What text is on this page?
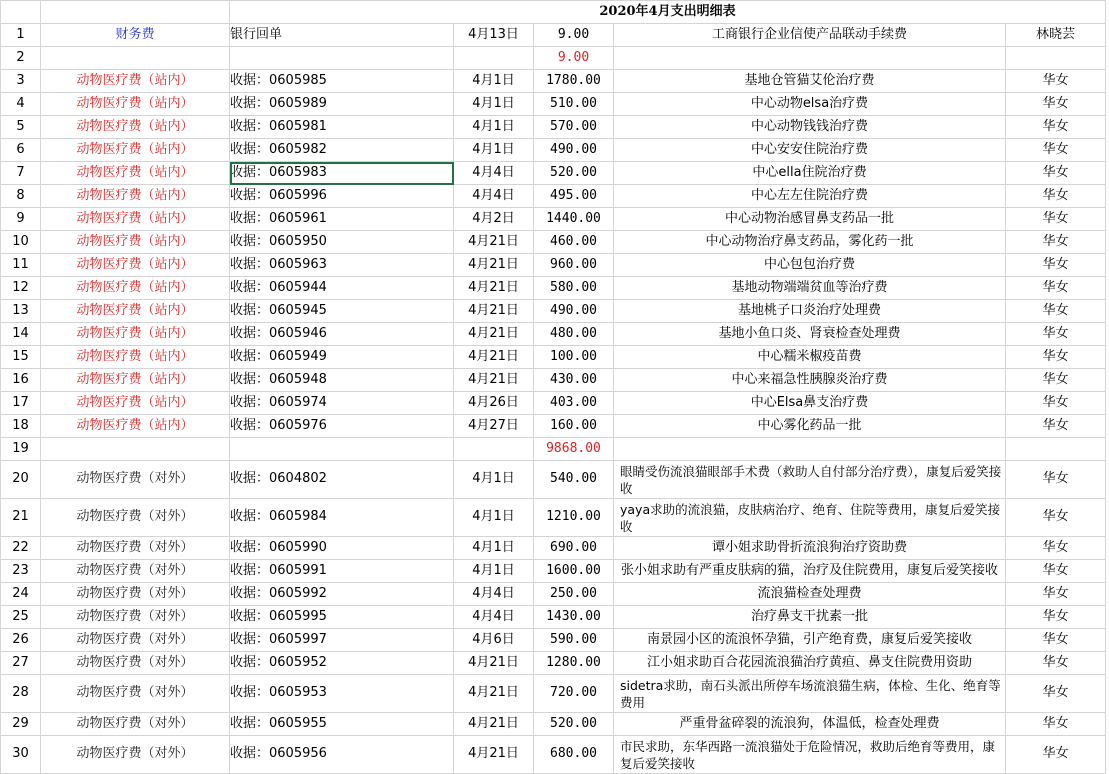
		2020年4月支出明细表				
1	财务费	银行回单	4月13日	9.00	工商银行企业信使产品联动手续费	林晓芸
2				9.00		
3	动物医疗费（站内）	收据：0605985	4月1日	1780.00	基地仓管猫艾伦治疗费	华女
4	动物医疗费（站内）	收据：0605989	4月1日	510.00	中心动物elsa治疗费	华女
5	动物医疗费（站内）	收据：0605981	4月1日	570.00	中心动物钱钱治疗费	华女
6	动物医疗费（站内）	收据：0605982	4月1日	490.00	中心安安住院治疗费	华女
7	动物医疗费（站内）	收据：0605983	4月4日	520.00	中心ella住院治疗费	华女
8	动物医疗费（站内）	收据：0605996	4月4日	495.00	中心左左住院治疗费	华女
9	动物医疗费（站内）	收据：0605961	4月2日	1440.00	中心动物治感冒鼻支药品一批	华女
10	动物医疗费（站内）	收据：0605950	4月21日	460.00	中心动物治疗鼻支药品，雾化药一批	华女
11	动物医疗费（站内）	收据：0605963	4月21日	960.00	中心包包治疗费	华女
12	动物医疗费（站内）	收据：0605944	4月21日	580.00	基地动物端端贫血等治疗费	华女
13	动物医疗费（站内）	收据：0605945	4月21日	490.00	基地桃子口炎治疗处理费	华女
14	动物医疗费（站内）	收据：0605946	4月21日	480.00	基地小鱼口炎、肾衰检查处理费	华女
15	动物医疗费（站内）	收据：0605949	4月21日	100.00	中心糯米椒疫苗费	华女
16	动物医疗费（站内）	收据：0605948	4月21日	430.00	中心来福急性胰腺炎治疗费	华女
17	动物医疗费（站内）	收据：0605974	4月26日	403.00	中心Elsa鼻支治疗费	华女
18	动物医疗费（站内）	收据：0605976	4月27日	160.00	中心雾化药品一批	华女
19				9868.00		
20	动物医疗费（对外）	收据：0604802	4月1日	540.00	眼睛受伤流浪猫眼部手术费（救助人自付部分治疗费），康复后爱笑接收	华女
21	动物医疗费（对外）	收据：0605984	4月1日	1210.00	yaya求助的流浪猫，皮肤病治疗、绝育、住院等费用，康复后爱笑接收	华女
22	动物医疗费（对外）	收据：0605990	4月1日	690.00	谭小姐求助骨折流浪狗治疗资助费	华女
23	动物医疗费（对外）	收据：0605991	4月1日	1600.00	张小姐求助有严重皮肤病的猫，治疗及住院费用，康复后爱笑接收	华女
24	动物医疗费（对外）	收据：0605992	4月4日	250.00	流浪猫检查处理费	华女
25	动物医疗费（对外）	收据：0605995	4月4日	1430.00	治疗鼻支干扰素一批	华女
26	动物医疗费（对外）	收据：0605997	4月6日	590.00	南景园小区的流浪怀孕猫，引产绝育费，康复后爱笑接收	华女
27	动物医疗费（对外）	收据：0605952	4月21日	1280.00	江小姐求助百合花园流浪猫治疗黄疸、鼻支住院费用资助	华女
28	动物医疗费（对外）	收据：0605953	4月21日	720.00	sidetra求助，南石头派出所停车场流浪猫生病，体检、生化、绝育等费用	华女
29	动物医疗费（对外）	收据：0605955	4月21日	520.00	严重骨盆碎裂的流浪狗，体温低，检查处理费	华女
30	动物医疗费（对外）	收据：0605956	4月21日	680.00	市民求助，东华西路一流浪猫处于危险情况，救助后绝育等费用，康复后爱笑接收	华女
